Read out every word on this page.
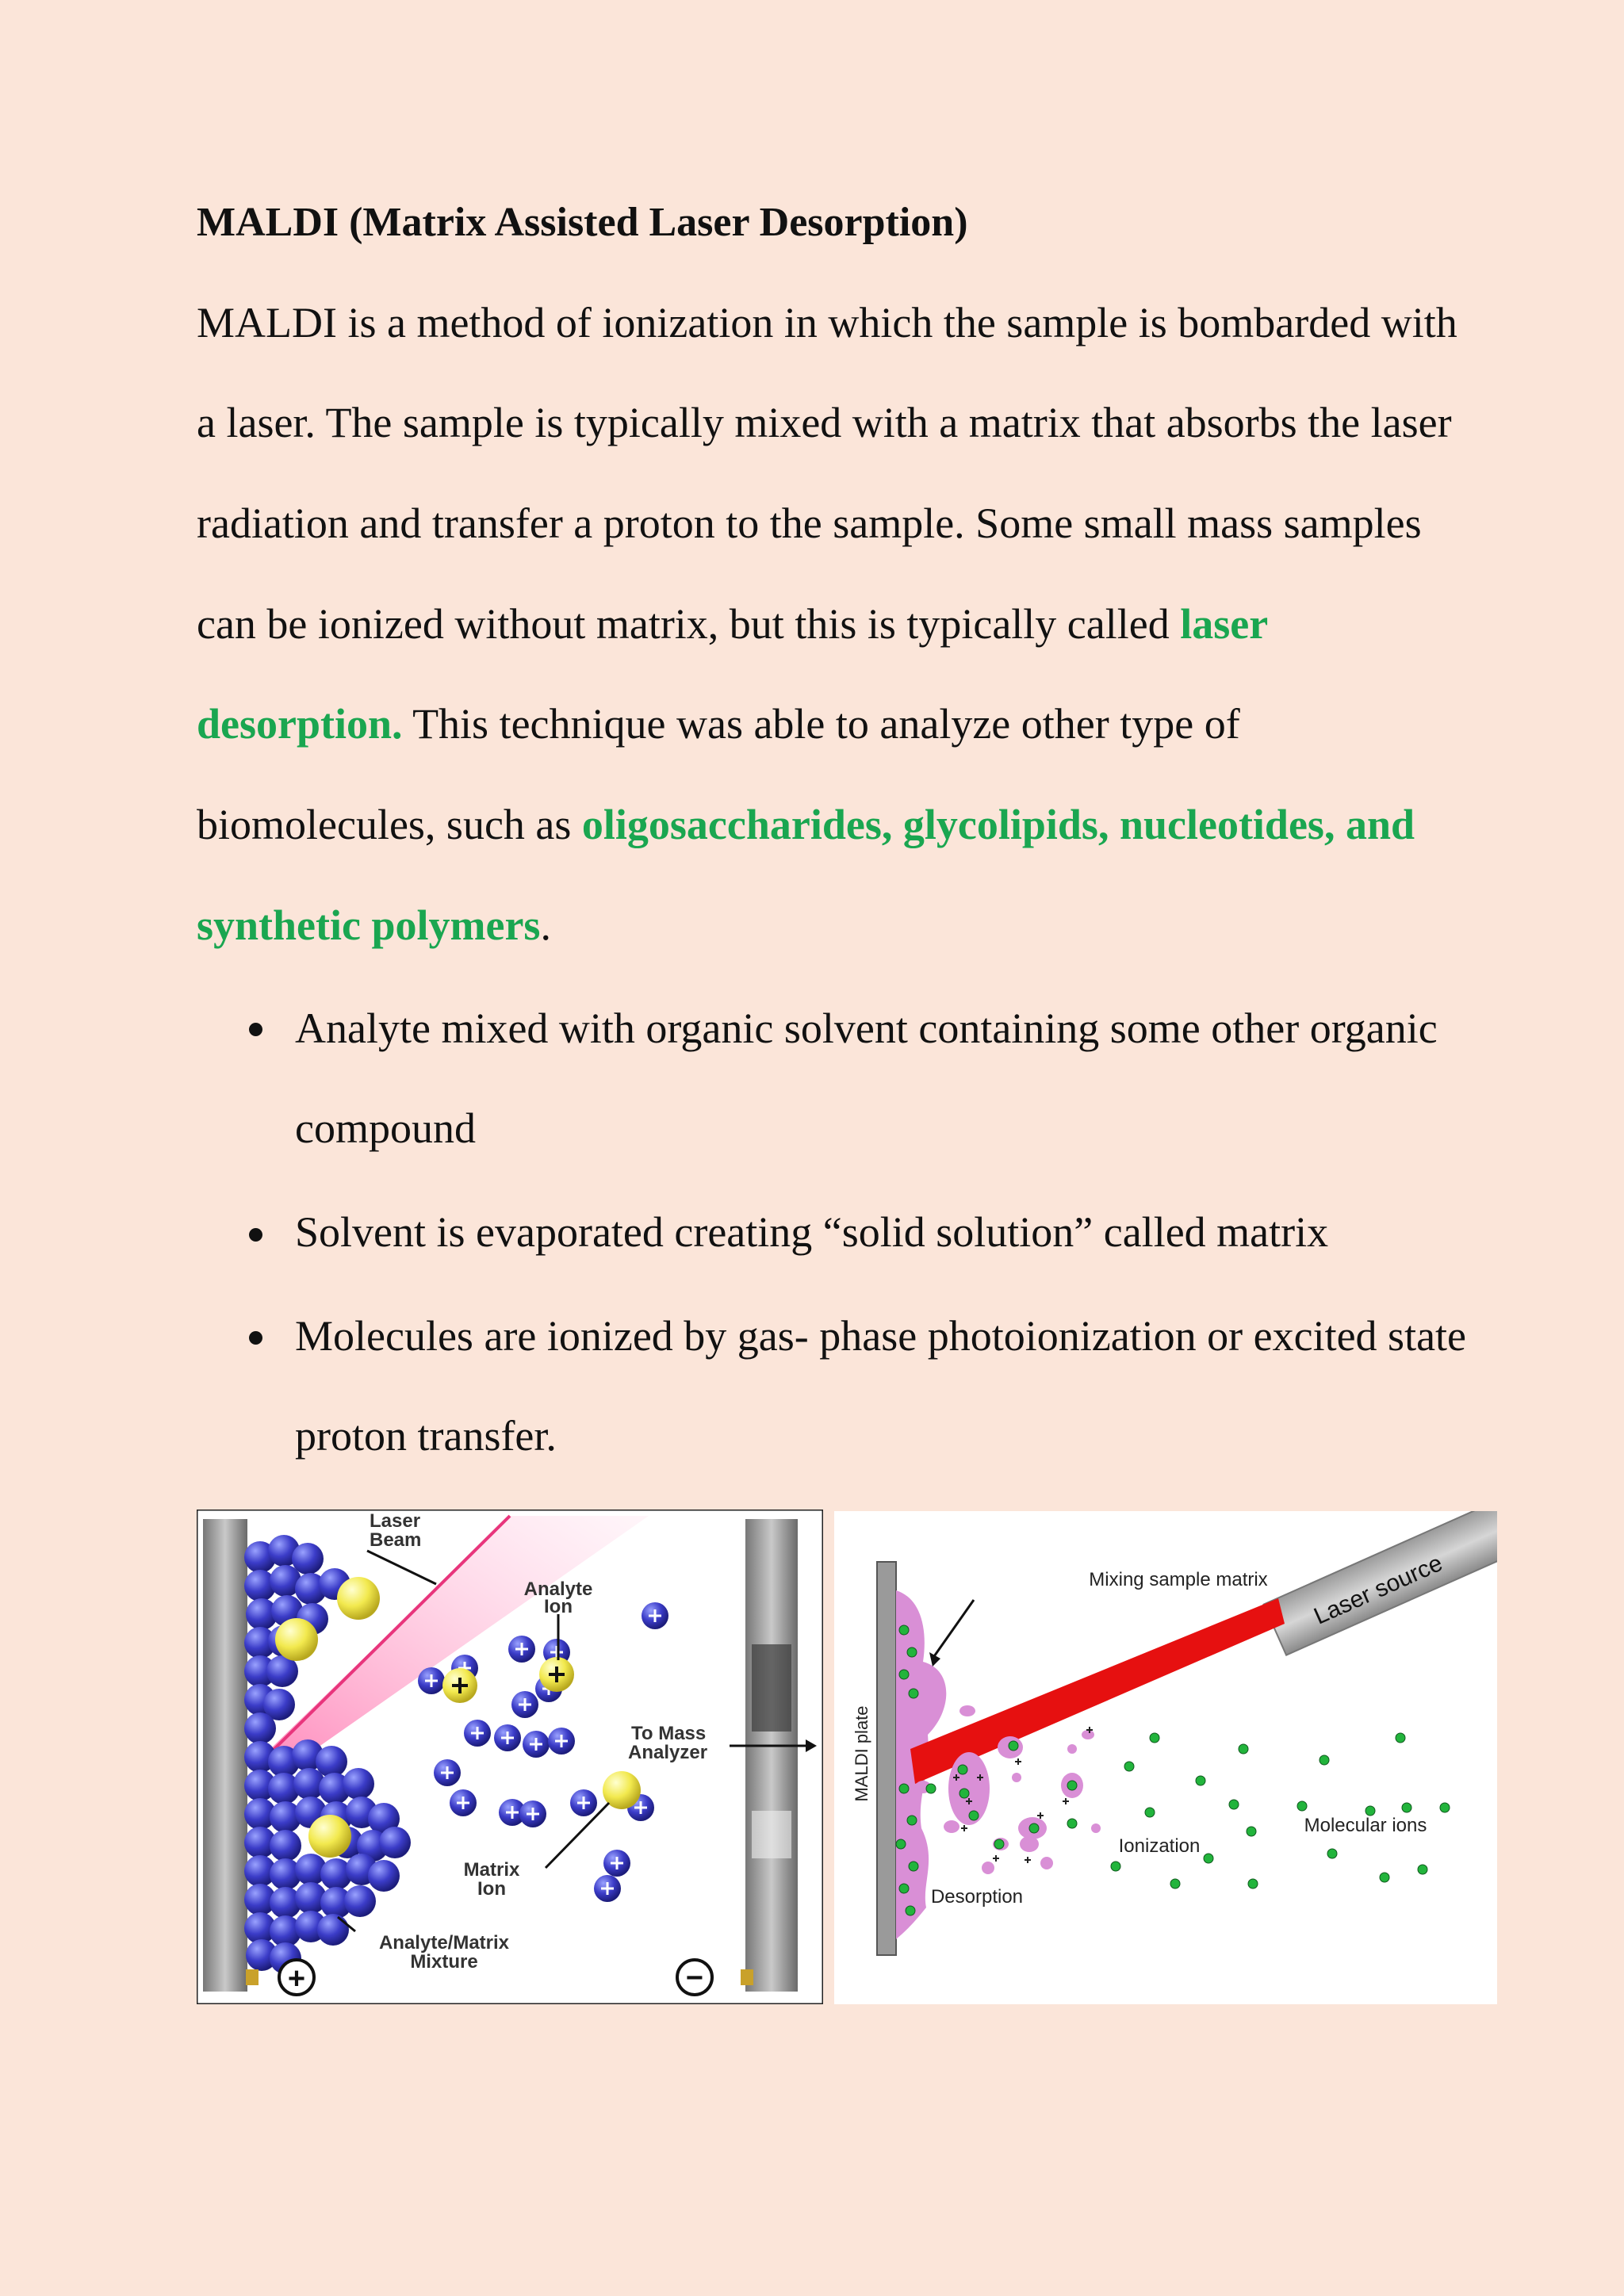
MALDI (Matrix Assisted Laser Desorption)
MALDI is a method of ionization in which the sample is bombarded with
a laser. The sample is typically mixed with a matrix that absorbs the laser
radiation and transfer a proton to the sample. Some small mass samples
can be ionized without matrix, but this is typically called laser
desorption. This technique was able to analyze other type of
biomolecules, such as oligosaccharides, glycolipids, nucleotides, and
synthetic polymers.
Analyte mixed with organic solvent containing some other organic
compound
Solvent is evaporated creating “solid solution” called matrix
Molecules are ionized by gas- phase photoionization or excited state
proton transfer.
Laser
Beam
Analyte
Ion
To Mass
Analyzer
Matrix
Ion
Analyte/Matrix
Mixture
+	−
Mixing sample matrix Laser source
MALDI plate
Desorption
Ionization
Molecular ions
